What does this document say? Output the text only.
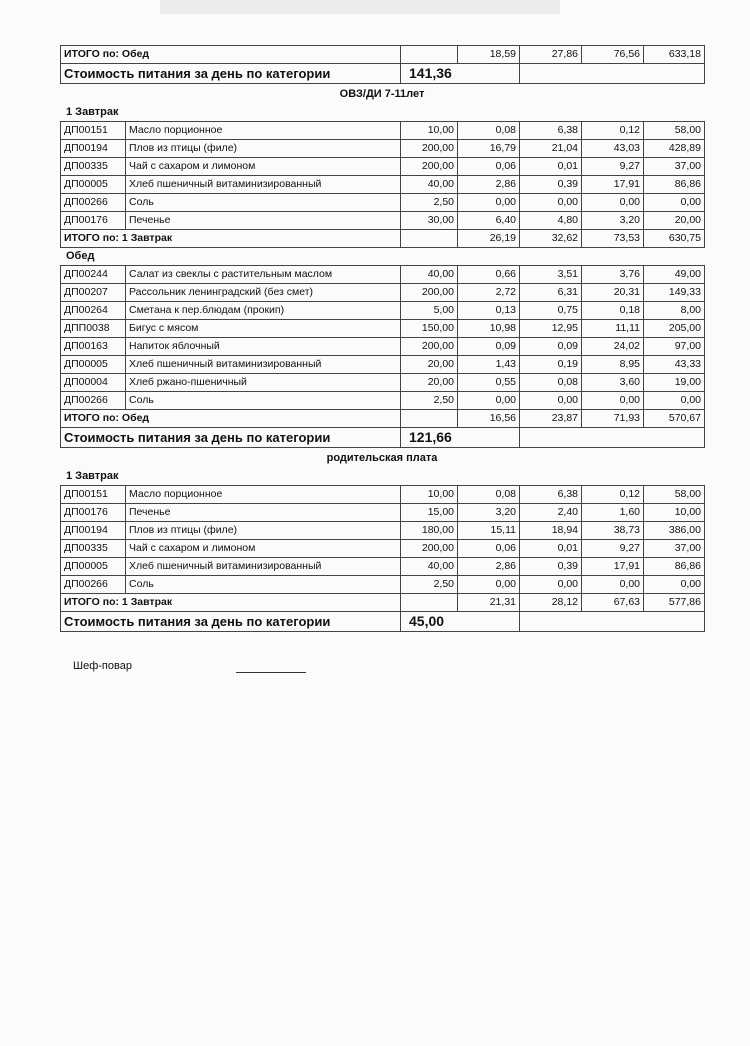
ИТОГО по: Обед		18,59	27,86	76,56	633,18
Стоимость питания за день по категории	141,36				
ОВЗ/ДИ 7-11лет
1 Завтрак
ДП00151	Масло порционное	10,00	0,08	6,38	0,12	58,00
ДП00194	Плов из птицы (филе)	200,00	16,79	21,04	43,03	428,89
ДП00335	Чай с сахаром и лимоном	200,00	0,06	0,01	9,27	37,00
ДП00005	Хлеб пшеничный витаминизированный	40,00	2,86	0,39	17,91	86,86
ДП00266	Соль	2,50	0,00	0,00	0,00	0,00
ДП00176	Печенье	30,00	6,40	4,80	3,20	20,00
ИТОГО по: 1 Завтрак			26,19	32,62	73,53	630,75
Обед
ДП00244	Салат из свеклы с растительным маслом	40,00	0,66	3,51	3,76	49,00
ДП00207	Рассольник ленинградский (без смет)	200,00	2,72	6,31	20,31	149,33
ДП00264	Сметана к пер.блюдам (прокип)	5,00	0,13	0,75	0,18	8,00
ДПП0038	Бигус с мясом	150,00	10,98	12,95	11,11	205,00
ДП00163	Напиток яблочный	200,00	0,09	0,09	24,02	97,00
ДП00005	Хлеб пшеничный витаминизированный	20,00	1,43	0,19	8,95	43,33
ДП00004	Хлеб ржано-пшеничный	20,00	0,55	0,08	3,60	19,00
ДП00266	Соль	2,50	0,00	0,00	0,00	0,00
ИТОГО по: Обед			16,56	23,87	71,93	570,67
Стоимость питания за день по категории		121,66				
родительская плата
1 Завтрак
ДП00151	Масло порционное	10,00	0,08	6,38	0,12	58,00
ДП00176	Печенье	15,00	3,20	2,40	1,60	10,00
ДП00194	Плов из птицы (филе)	180,00	15,11	18,94	38,73	386,00
ДП00335	Чай с сахаром и лимоном	200,00	0,06	0,01	9,27	37,00
ДП00005	Хлеб пшеничный витаминизированный	40,00	2,86	0,39	17,91	86,86
ДП00266	Соль	2,50	0,00	0,00	0,00	0,00
ИТОГО по: 1 Завтрак			21,31	28,12	67,63	577,86
Стоимость питания за день по категории		45,00				
Шеф-повар
